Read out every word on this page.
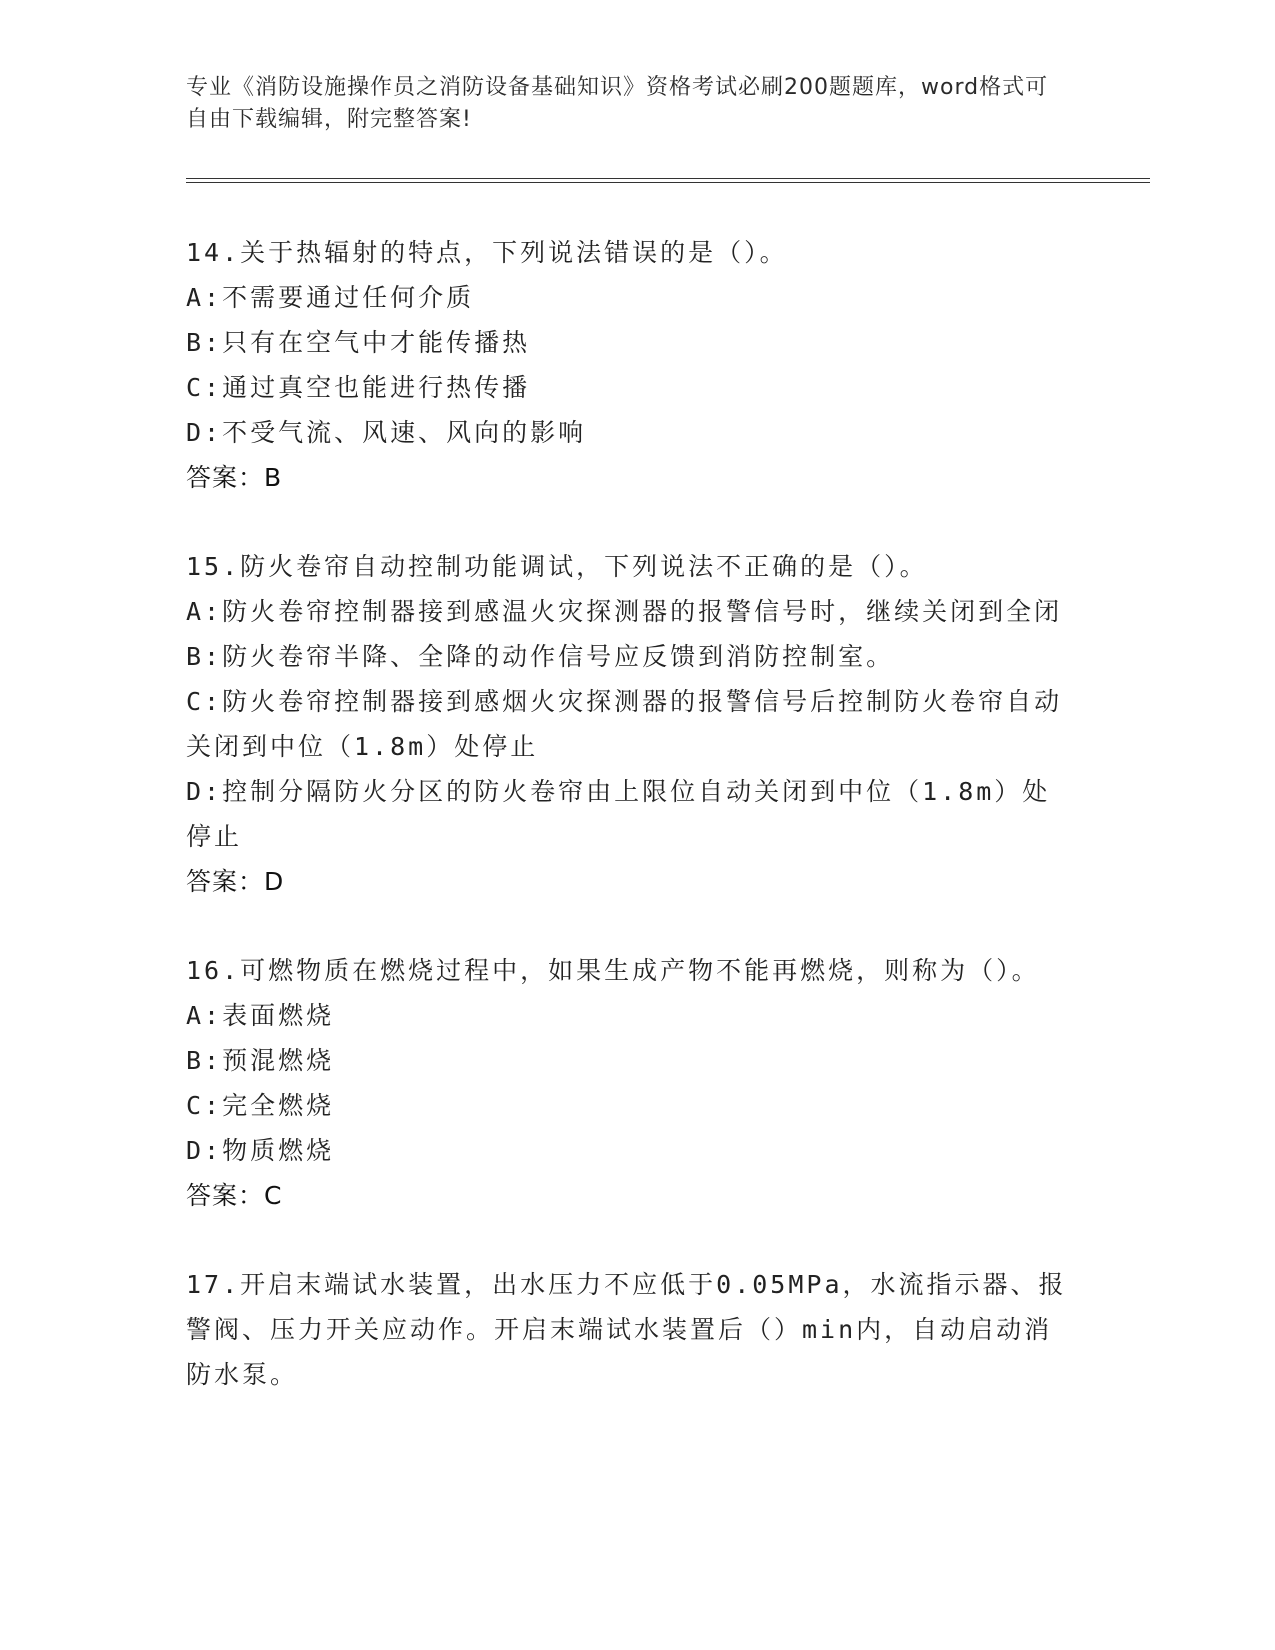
专业《消防设施操作员之消防设备基础知识》资格考试必刷200题题库，word格式可自由下载编辑，附完整答案!
14.关于热辐射的特点，下列说法错误的是（）。
A:不需要通过任何介质
B:只有在空气中才能传播热
C:通过真空也能进行热传播
D:不受气流、风速、风向的影响
答案：B
15.防火卷帘自动控制功能调试，下列说法不正确的是（）。
A:防火卷帘控制器接到感温火灾探测器的报警信号时，继续关闭到全闭
B:防火卷帘半降、全降的动作信号应反馈到消防控制室。
C:防火卷帘控制器接到感烟火灾探测器的报警信号后控制防火卷帘自动关闭到中位（1.8m）处停止
D:控制分隔防火分区的防火卷帘由上限位自动关闭到中位（1.8m）处停止
答案：D
16.可燃物质在燃烧过程中，如果生成产物不能再燃烧，则称为（）。
A:表面燃烧
B:预混燃烧
C:完全燃烧
D:物质燃烧
答案：C
17.开启末端试水装置，出水压力不应低于0.05MPa，水流指示器、报警阀、压力开关应动作。开启末端试水装置后（）min内，自动启动消防水泵。
